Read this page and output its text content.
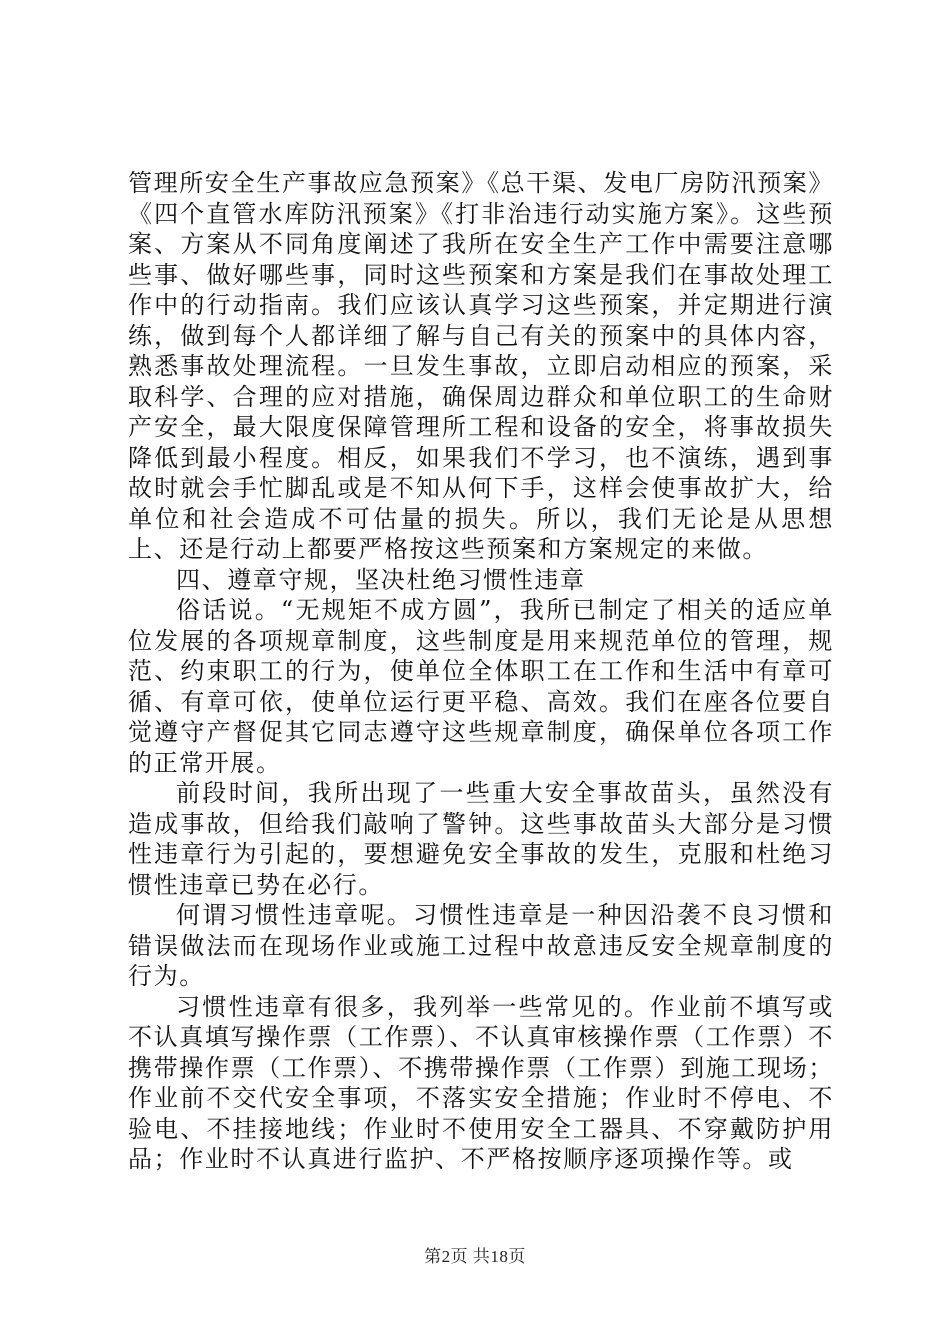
管理所安全生产事故应急预案》《总干渠、发电厂房防汛预案》《四个直管水库防汛预案》《打非治违行动实施方案》。这些预案、方案从不同角度阐述了我所在安全生产工作中需要注意哪些事、做好哪些事，同时这些预案和方案是我们在事故处理工作中的行动指南。我们应该认真学习这些预案，并定期进行演练，做到每个人都详细了解与自己有关的预案中的具体内容，熟悉事故处理流程。一旦发生事故，立即启动相应的预案，采取科学、合理的应对措施，确保周边群众和单位职工的生命财产安全，最大限度保障管理所工程和设备的安全，将事故损失降低到最小程度。相反，如果我们不学习，也不演练，遇到事故时就会手忙脚乱或是不知从何下手，这样会使事故扩大，给单位和社会造成不可估量的损失。所以，我们无论是从思想上、还是行动上都要严格按这些预案和方案规定的来做。

四、遵章守规，坚决杜绝习惯性违章

俗话说。“无规矩不成方圆”，我所已制定了相关的适应单位发展的各项规章制度，这些制度是用来规范单位的管理，规范、约束职工的行为，使单位全体职工在工作和生活中有章可循、有章可依，使单位运行更平稳、高效。我们在座各位要自觉遵守产督促其它同志遵守这些规章制度，确保单位各项工作的正常开展。

前段时间，我所出现了一些重大安全事故苗头，虽然没有造成事故，但给我们敲响了警钟。这些事故苗头大部分是习惯性违章行为引起的，要想避免安全事故的发生，克服和杜绝习惯性违章已势在必行。

何谓习惯性违章呢。习惯性违章是一种因沿袭不良习惯和错误做法而在现场作业或施工过程中故意违反安全规章制度的行为。

习惯性违章有很多，我列举一些常见的。作业前不填写或不认真填写操作票（工作票）、不认真审核操作票（工作票）不携带操作票（工作票）、不携带操作票（工作票）到施工现场；作业前不交代安全事项，不落实安全措施；作业时不停电、不验电、不挂接地线；作业时不使用安全工器具、不穿戴防护用品；作业时不认真进行监护、不严格按顺序逐项操作等。或

第2页 共18页
